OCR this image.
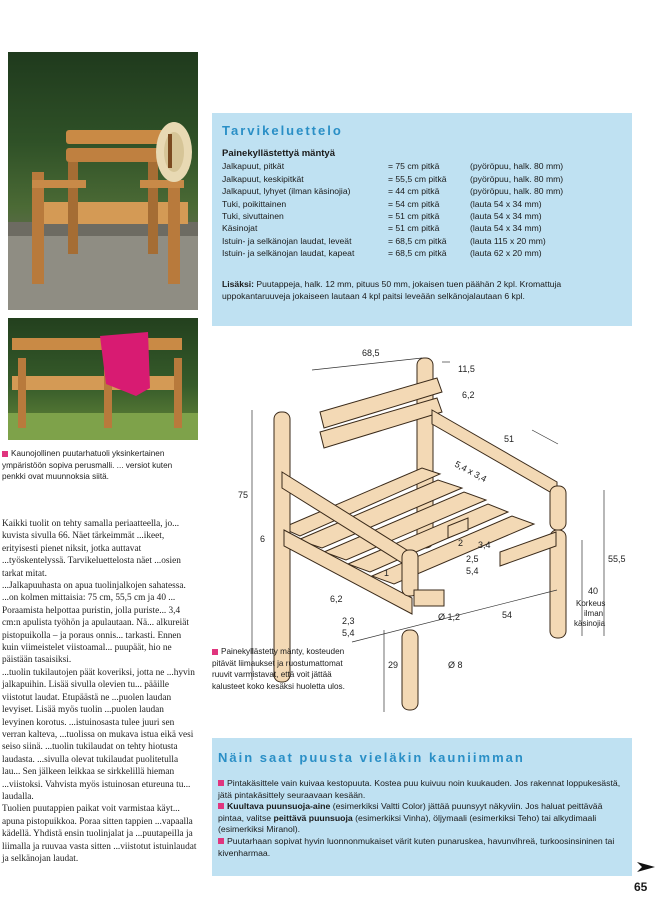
Kaunojollinen puutarhatuoli yksinkertainen ympäristöön sopiva perusmalli. ... versiot kuten penkki ovat muunnoksia siitä.

Kaikki tuolit on tehty samalla periaatteella, jo... kuvista sivulla 66. Näet tärkeimmät ...ikeet, erityisesti pienet niksit, jotka auttavat ...työskentelyssä. Tarvikeluettelosta näet ...osien tarkat mitat.

...Jalkapuuhasta on apua tuolinjalkojen sahatessa. ...on kolmen mittaisia: 75 cm, 55,5 cm ja 40 ... Poraamista helpottaa puristin, jolla puriste... 3,4 cm:n apulista työhön ja apulautaan. Nä... alkureiät pistopuikolla – ja poraus onnis... tarkasti. Ennen kuin viimeistelet viistoamal... puupäät, hio ne päistään tasaisiksi.

...tuolin tukilautojen päät koveriksi, jotta ne ...hyvin jalkapuihin. Lisää sivulla olevien tu... pääille viistotut laudat. Etupäästä ne ...puolen laudan levyiset. Lisää myös tuolin ...puolen laudan levyinen korotus. ...istuinosasta tulee juuri sen verran kalteva, ...tuolissa on mukava istua eikä vesi seiso siinä. ...tuolin tukilaudat on tehty hiotusta laudasta. ...sivulla olevat tukilaudat puolitetulla lau... Sen jälkeen leikkaa se sirkkelillä hieman ...viistoksi. Vahvista myös istuinosan etureuna tu... laudalla.

Tuolien puutappien paikat voit varmistaa käyt... apuna pistopuikkoa. Poraa sitten tappien ...vapaalla kädellä. Yhdistä ensin tuolinjalat ja ...puutapeilla ja liimalla ja ruuvaa vasta sitten ...viistotut istuinlaudat ja selkänojan laudat.

Tarvikeluettelo
Painekyllästettyä mäntyä
Jalkapuut, pitkät	= 75 cm pitkä	(pyöröpuu, halk. 80 mm)
Jalkapuut, keskipitkät	= 55,5 cm pitkä	(pyöröpuu, halk. 80 mm)
Jalkapuut, lyhyet (ilman käsinojia)	= 44 cm pitkä	(pyöröpuu, halk. 80 mm)
Tuki, poikittainen	= 54 cm pitkä	(lauta 54 x 34 mm)
Tuki, sivuttainen	= 51 cm pitkä	(lauta 54 x 34 mm)
Käsinojat	= 51 cm pitkä	(lauta 54 x 34 mm)
Istuin- ja selkänojan laudat, leveät	= 68,5 cm pitkä	(lauta 115 x 20 mm)
Istuin- ja selkänojan laudat, kapeat	= 68,5 cm pitkä	(lauta 62 x 20 mm)
Lisäksi: Puutappeja, halk. 12 mm, pituus 50 mm, jokaisen tuen päähän 2 kpl. Kromattuja uppokantaruuveja jokaiseen lautaan 4 kpl paitsi leveään selkänojalautaan 6 kpl.
68,5
11,5
6,2
51
5,4 x 3,4
75
6	2 3,4
2,5
5,4
1
55,5
40
Korkeus
ilman
käsinojia
6,2
2,3
5,4
54
Ø 1,2
29	Ø 8
Painekyllästetty mänty, kosteuden pitävät liimaukset ja ruostumattomat ruuvit varmistavat, että voit jättää kalusteet koko kesäksi huoletta ulos.
Näin saat puusta vieläkin kauniimman

Pintakäsittele vain kuivaa kestopuuta. Kostea puu kuivuu noin kuukauden. Jos rakennat loppukesästä, jätä pintakäsittely seuraavaan kesään.

Kuultava puunsuoja-aine (esimerkiksi Valtti Color) jättää puunsyyt näkyviin. Jos haluat peittävää pintaa, valitse peittävä puunsuoja (esimerkiksi Vinha), öljymaali (esimerkiksi Teho) tai alkydimaali (esimerkiksi Miranol).

Puutarhaan sopivat hyvin luonnonmukaiset värit kuten punaruskea, havunvihreä, turkoosinsininen tai kivenharmaa.

65
